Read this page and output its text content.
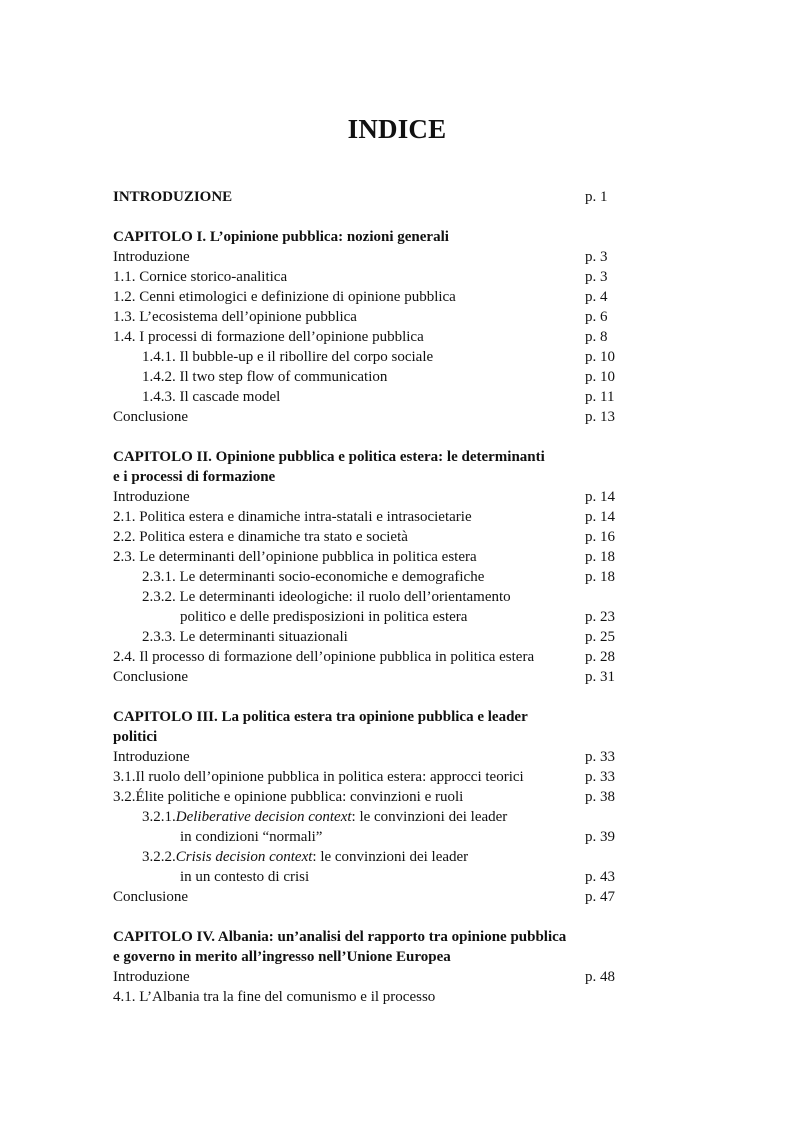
INDICE
INTRODUZIONE	p. 1
CAPITOLO I. L’opinione pubblica: nozioni generali
Introduzione	p. 3
1.1. Cornice storico-analitica	p. 3
1.2. Cenni etimologici e definizione di opinione pubblica	p. 4
1.3. L’ecosistema dell’opinione pubblica	p. 6
1.4. I processi di formazione dell’opinione pubblica	p. 8
1.4.1. Il bubble-up e il ribollire del corpo sociale	p. 10
1.4.2. Il two step flow of communication	p. 10
1.4.3. Il cascade model	p. 11
Conclusione	p. 13
CAPITOLO II. Opinione pubblica e politica estera: le determinanti
e i processi di formazione
Introduzione	p. 14
2.1. Politica estera e dinamiche intra-statali e intrasocietarie	p. 14
2.2. Politica estera e dinamiche tra stato e società	p. 16
2.3. Le determinanti dell’opinione pubblica in politica estera	p. 18
2.3.1. Le determinanti socio-economiche e demografiche	p. 18
2.3.2. Le determinanti ideologiche: il ruolo dell’orientamento
politico e delle predisposizioni in politica estera	p. 23
2.3.3. Le determinanti situazionali	p. 25
2.4. Il processo di formazione dell’opinione pubblica in politica estera	p. 28
Conclusione	p. 31
CAPITOLO III. La politica estera tra opinione pubblica e leader
politici
Introduzione	p. 33
3.1.Il ruolo dell’opinione pubblica in politica estera: approcci teorici	p. 33
3.2.Élite politiche e opinione pubblica: convinzioni e ruoli	p. 38
3.2.1.Deliberative decision context: le convinzioni dei leader
in condizioni “normali”	p. 39
3.2.2.Crisis decision context: le convinzioni dei leader
in un contesto di crisi	p. 43
Conclusione	p. 47
CAPITOLO IV. Albania: un’analisi del rapporto tra opinione pubblica
e governo in merito all’ingresso nell’Unione Europea
Introduzione	p. 48
4.1. L’Albania tra la fine del comunismo e il processo
